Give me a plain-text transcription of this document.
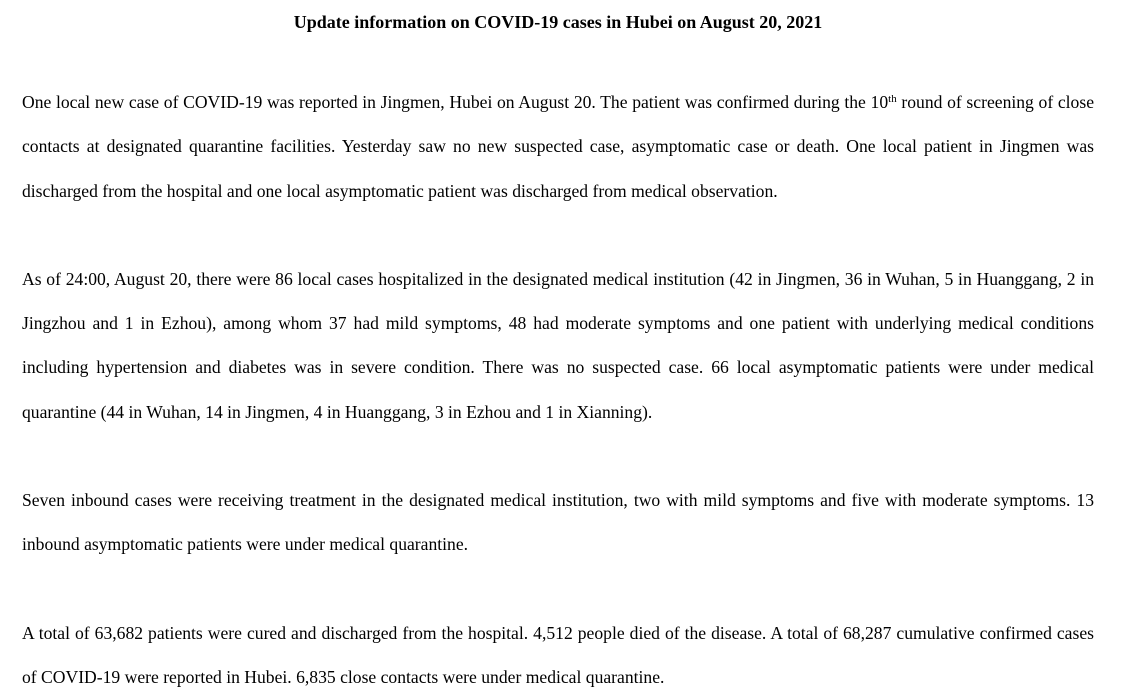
Update information on COVID-19 cases in Hubei on August 20, 2021

One local new case of COVID-19 was reported in Jingmen, Hubei on August 20. The patient was confirmed during the 10th round of screening of close contacts at designated quarantine facilities. Yesterday saw no new suspected case, asymptomatic case or death. One local patient in Jingmen was discharged from the hospital and one local asymptomatic patient was discharged from medical observation.

As of 24:00, August 20, there were 86 local cases hospitalized in the designated medical institution (42 in Jingmen, 36 in Wuhan, 5 in Huanggang, 2 in Jingzhou and 1 in Ezhou), among whom 37 had mild symptoms, 48 had moderate symptoms and one patient with underlying medical conditions including hypertension and diabetes was in severe condition. There was no suspected case. 66 local asymptomatic patients were under medical quarantine (44 in Wuhan, 14 in Jingmen, 4 in Huanggang, 3 in Ezhou and 1 in Xianning).

Seven inbound cases were receiving treatment in the designated medical institution, two with mild symptoms and five with moderate symptoms. 13 inbound asymptomatic patients were under medical quarantine.

A total of 63,682 patients were cured and discharged from the hospital. 4,512 people died of the disease. A total of 68,287 cumulative confirmed cases of COVID-19 were reported in Hubei. 6,835 close contacts were under medical quarantine.
